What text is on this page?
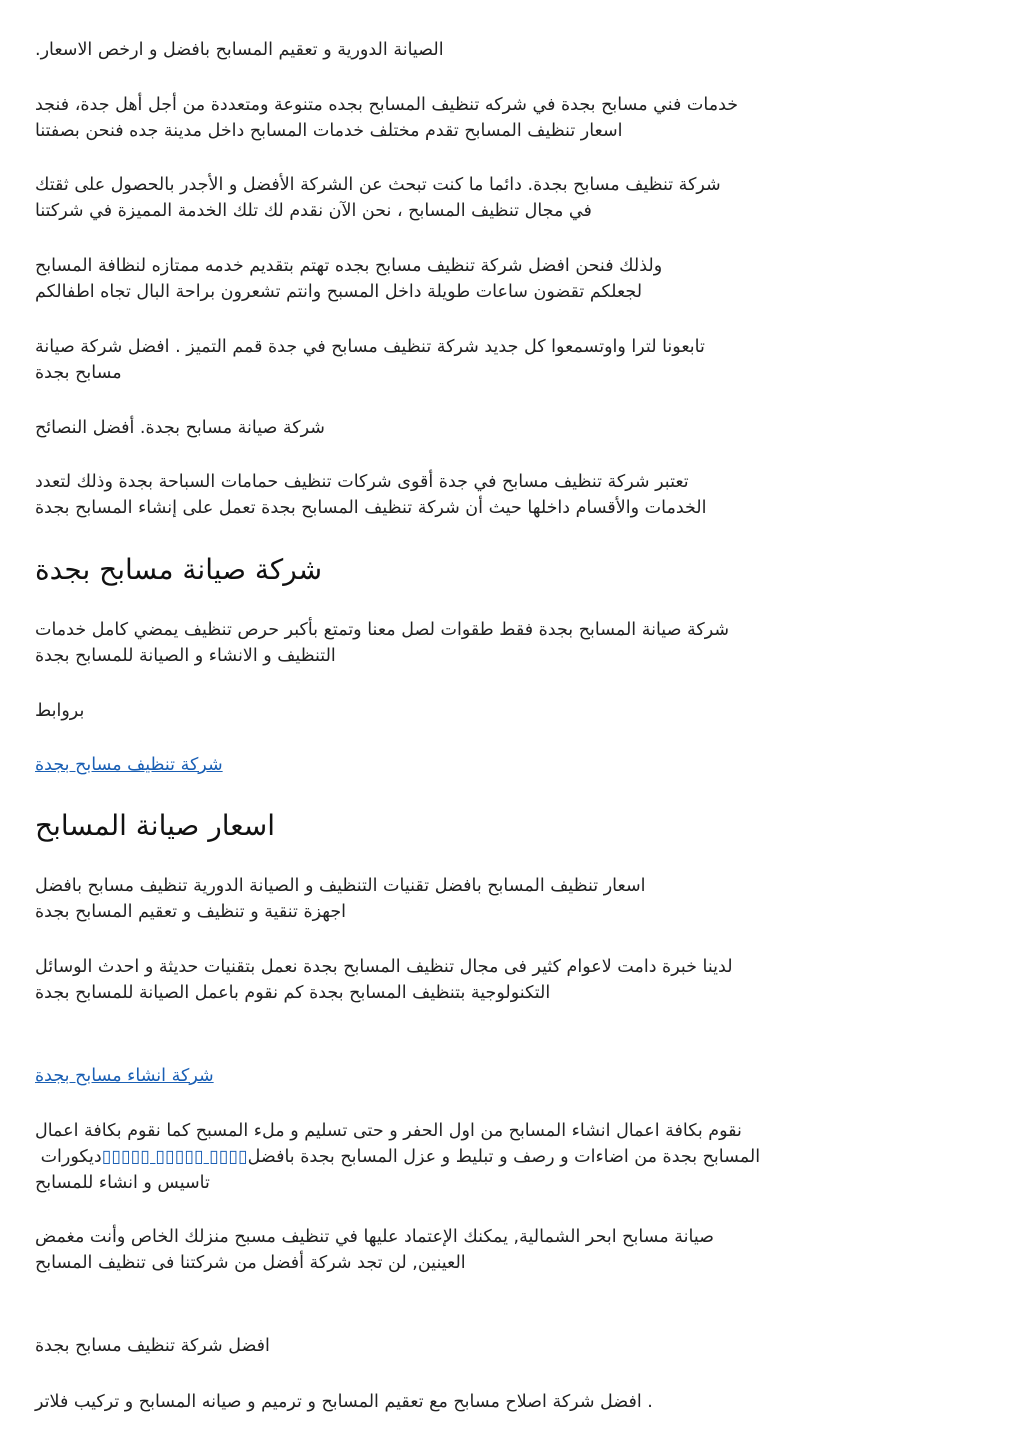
الصيانة الدورية و تعقيم المسابح بافضل و ارخص الاسعار.

خدمات فني مسابح بجدة في شركه تنظيف المسابح بجده متنوعة ومتعددة من أجل أهل جدة، فنجد
اسعار تنظيف المسابح تقدم مختلف خدمات المسابح داخل مدينة جده فنحن بصفتنا

شركة تنظيف مسابح بجدة. دائما ما كنت تبحث عن الشركة الأفضل و الأجدر بالحصول على ثقتك
في مجال تنظيف المسابح ، نحن الآن نقدم لك تلك الخدمة المميزة في شركتنا

ولذلك فنحن افضل شركة تنظيف مسابح بجده تهتم بتقديم خدمه ممتازه لنظافة المسابح
لجعلكم تقضون ساعات طويلة داخل المسبح وانتم تشعرون براحة البال تجاه اطفالكم

تابعونا لترا واوتسمعوا كل جديد شركة تنظيف مسابح في جدة قمم التميز . افضل شركة صيانة
مسابح بجدة

شركة صيانة مسابح بجدة. أفضل النصائح

تعتبر شركة تنظيف مسابح في جدة أقوى شركات تنظيف حمامات السباحة بجدة وذلك لتعدد
الخدمات والأقسام داخلها حيث أن شركة تنظيف المسابح بجدة تعمل على إنشاء المسابح بجدة

شركة صيانة مسابح بجدة

شركة صيانة المسابح بجدة فقط طقوات لصل معنا وتمتع بأكبر حرص تنظيف يمضي كامل خدمات
التنظيف و الانشاء و الصيانة للمسابح بجدة

بروابط

شركة تنظيف مسابح بجدة

اسعار صيانة المسابح

اسعار تنظيف المسابح بافضل تقنيات التنظيف و الصيانة الدورية تنظيف مسابح بافضل
اجهزة تنقية و تنظيف و تعقيم المسابح بجدة

لدينا خبرة دامت لاعوام كثير فى مجال تنظيف المسابح بجدة نعمل بتقنيات حديثة و احدث الوسائل
التكنولوجية بتنظيف المسابح بجدة كم نقوم باعمل الصيانة للمسابح بجدة

شركة انشاء مسابح بجدة

نقوم بكافة اعمال انشاء المسابح من اول الحفر و حتى تسليم و ملء المسبح كما نقوم بكافة اعمال
ديكورات ▯▯▯▯▯ ▯▯▯▯▯ ▯▯▯▯ المسابح بجدة من اضاءات و رصف و تبليط و عزل المسابح بجدة بافضل
تاسيس و انشاء للمسابح

صيانة مسابح ابحر الشمالية, يمكنك الإعتماد عليها في تنظيف مسبح منزلك الخاص وأنت مغمض
العينين, لن تجد شركة أفضل من شركتنا فى تنظيف المسابح

افضل شركة تنظيف مسابح بجدة

. افضل شركة اصلاح مسابح مع تعقيم المسابح و ترميم و صيانه المسابح و تركيب فلاتر
